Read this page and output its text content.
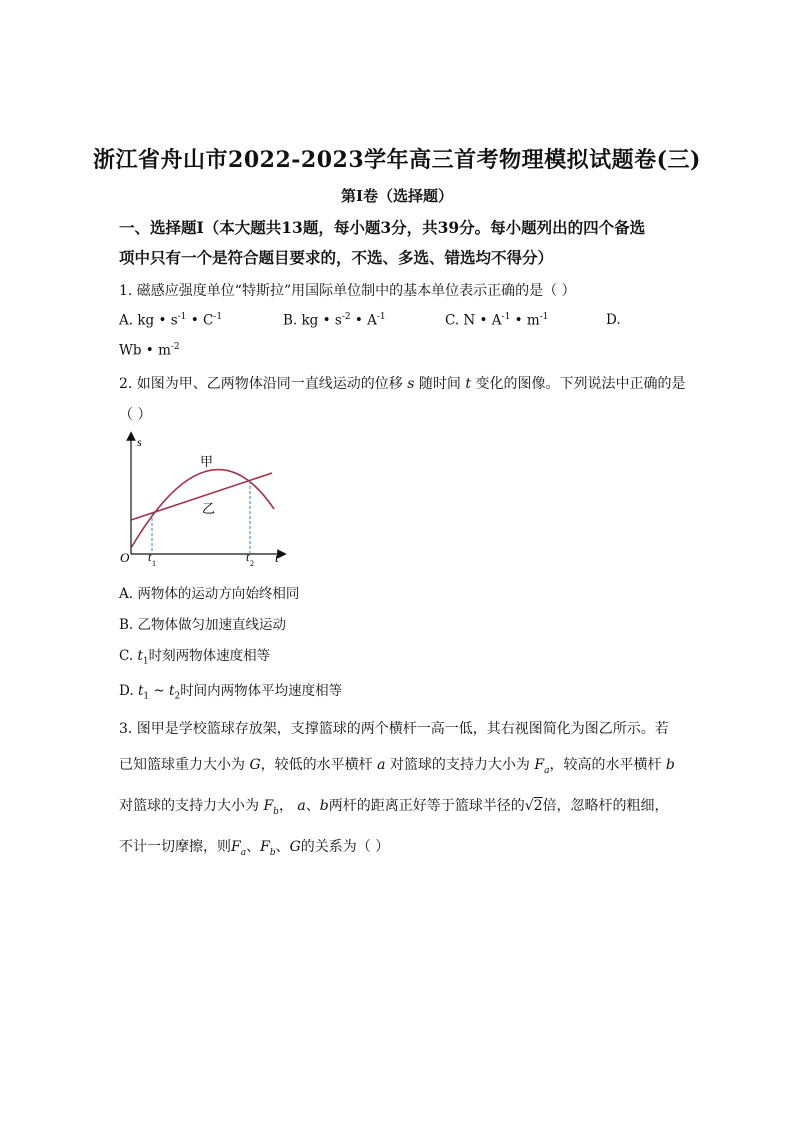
浙江省舟山市2022-2023学年高三首考物理模拟试题卷(三)
第Ⅰ卷（选择题）
一、选择题Ⅰ（本大题共13题，每小题3分，共39分。每小题列出的四个备选
项中只有一个是符合题目要求的，不选、多选、错选均不得分）
1. 磁感应强度单位“特斯拉”用国际单位制中的基本单位表示正确的是（ ）
A. kg • $s^{-1}$ • $C^{-1}$	B. kg • $s^{-2}$ • $A^{-1}$	C. N • $A^{-1}$ • $m^{-1}$	D.
Wb • $m^{-2}$
2. 如图为甲、乙两物体沿同一直线运动的位移 s 随时间 t 变化的图像。下列说法中正确的是
（ ）
s
t
O
甲
乙
t 1	t 2
A. 两物体的运动方向始终相同
B. 乙物体做匀加速直线运动
C. $t_1$时刻两物体速度相等
D. $t_1$ ~ $t_2$时间内两物体平均速度相等
3. 图甲是学校篮球存放架，支撑篮球的两个横杆一高一低，其右视图简化为图乙所示。若
已知篮球重力大小为 G，较低的水平横杆 a 对篮球的支持力大小为 $F_a$，较高的水平横杆 b
对篮球的支持力大小为 $F_b$， a、b两杆的距离正好等于篮球半径的√2倍，忽略杆的粗细，
不计一切摩擦，则$F_a$、$F_b$、G的关系为（ ）
